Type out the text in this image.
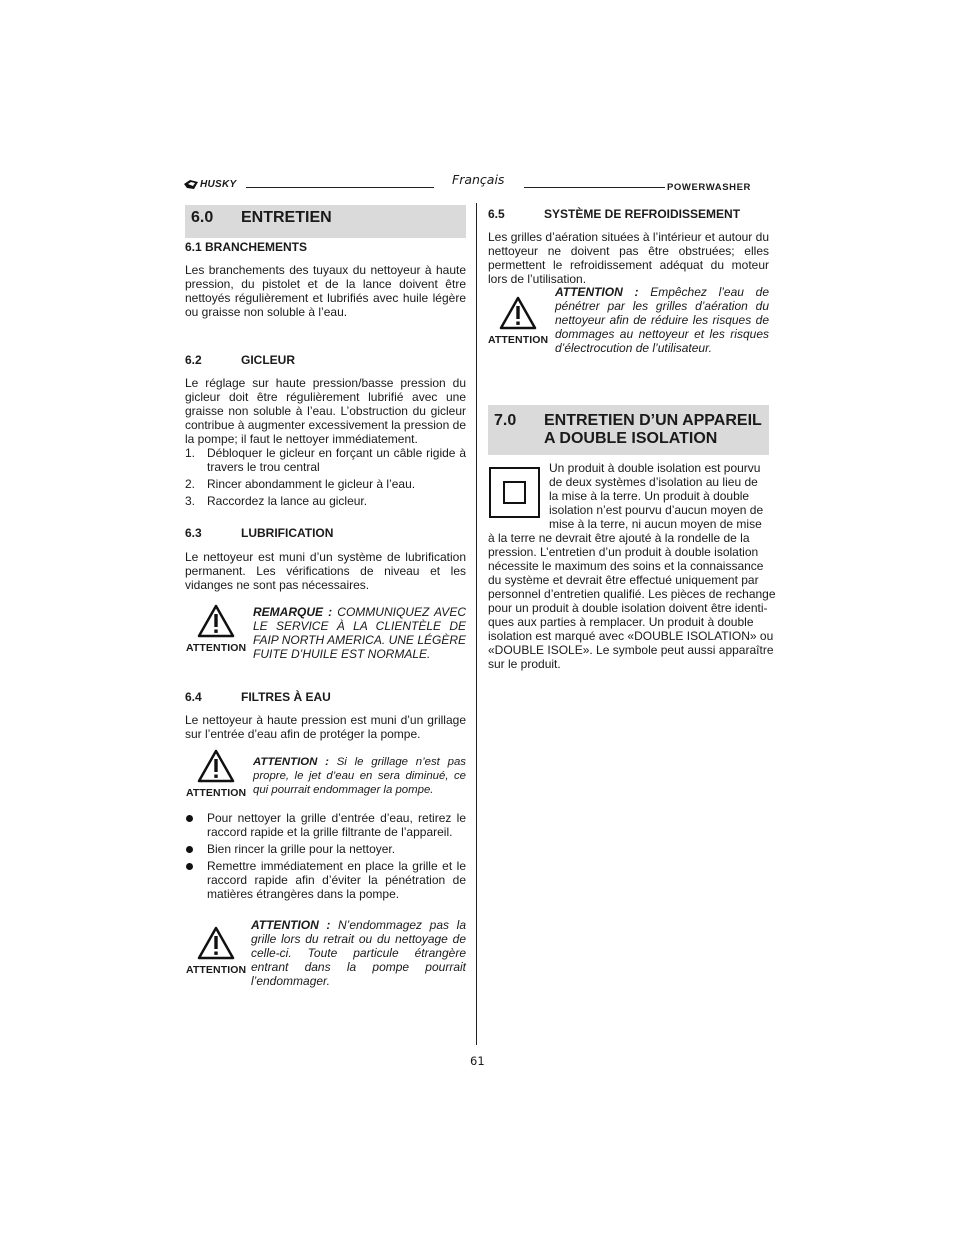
HUSKY	Français
POWERWASHER
6.0 ENTRETIEN
6.1 BRANCHEMENTS

Les branchements des tuyaux du nettoyeur à haute pression, du pistolet et de la lance doivent être nettoyés régulièrement et lubrifiés avec huile légère ou graisse non soluble à l’eau.

6.2	GICLEUR

Le réglage sur haute pression/basse pression du gicleur doit être régulièrement lubrifié avec une graisse non soluble à l’eau. L’obstruction du gicleur contribue à augmenter excessivement la pression de la pompe; il faut le nettoyer immédiatement.

1. Débloquer le gicleur en forçant un câble rigide à travers le trou central
2. Rincer abondamment le gicleur à l’eau.
3. Raccordez la lance au gicleur.
6.3	LUBRIFICATION

Le nettoyeur est muni d’un système de lubrification permanent. Les vérifications de niveau et les vidanges ne sont pas nécessaires.

ATTENTION

REMARQUE : COMMUNIQUEZ AVEC LE SERVICE À LA CLIENTÈLE DE FAIP NORTH AMERICA. UNE LÉGÈRE FUITE D’HUILE EST NORMALE.

6.4	FILTRES À EAU

Le nettoyeur à haute pression est muni d’un grillage sur l’entrée d’eau afin de protéger la pompe.

ATTENTION

ATTENTION : Si le grillage n’est pas propre, le jet d’eau en sera diminué, ce qui pourrait endommager la pompe.

Pour nettoyer la grille d’entrée d’eau, retirez le raccord rapide et la grille filtrante de l’appareil.
Bien rincer la grille pour la nettoyer.
Remettre immédiatement en place la grille et le raccord rapide afin d’éviter la pénétration de matières étrangères dans la pompe.
ATTENTION

ATTENTION : N’endommagez pas la grille lors du retrait ou du nettoyage de celle-ci. Toute particule étrangère entrant dans la pompe pourrait l’endommager.

6.5	SYSTÈME DE REFROIDISSEMENT

Les grilles d’aération situées à l’intérieur et autour du nettoyeur ne doivent pas être obstruées; elles permettent le refroidissement adéquat du moteur lors de l’utilisation.

ATTENTION

ATTENTION : Empêchez l’eau de pénétrer par les grilles d’aération du nettoyeur afin de réduire les risques de dommages au nettoyeur et les risques d’électrocution de l’utilisateur.

7.0 ENTRETIEN D’UN APPAREIL
A DOUBLE ISOLATION
Un produit à double isolation est pourvu
de deux systèmes d’isolation au lieu de
la mise à la terre. Un produit à double
isolation n’est pourvu d’aucun moyen de
mise à la terre, ni aucun moyen de mise
à la terre ne devrait être ajouté à la rondelle de la
pression. L’entretien d’un produit à double isolation
nécessite le maximum des soins et la connaissance
du système et devrait être effectué uniquement par
personnel d’entretien qualifié. Les pièces de rechange
pour un produit à double isolation doivent être identi-
ques aux parties à remplacer. Un produit à double
isolation est marqué avec «DOUBLE ISOLATION» ou
«DOUBLE ISOLE». Le symbole peut aussi apparaître
sur le produit.
61
